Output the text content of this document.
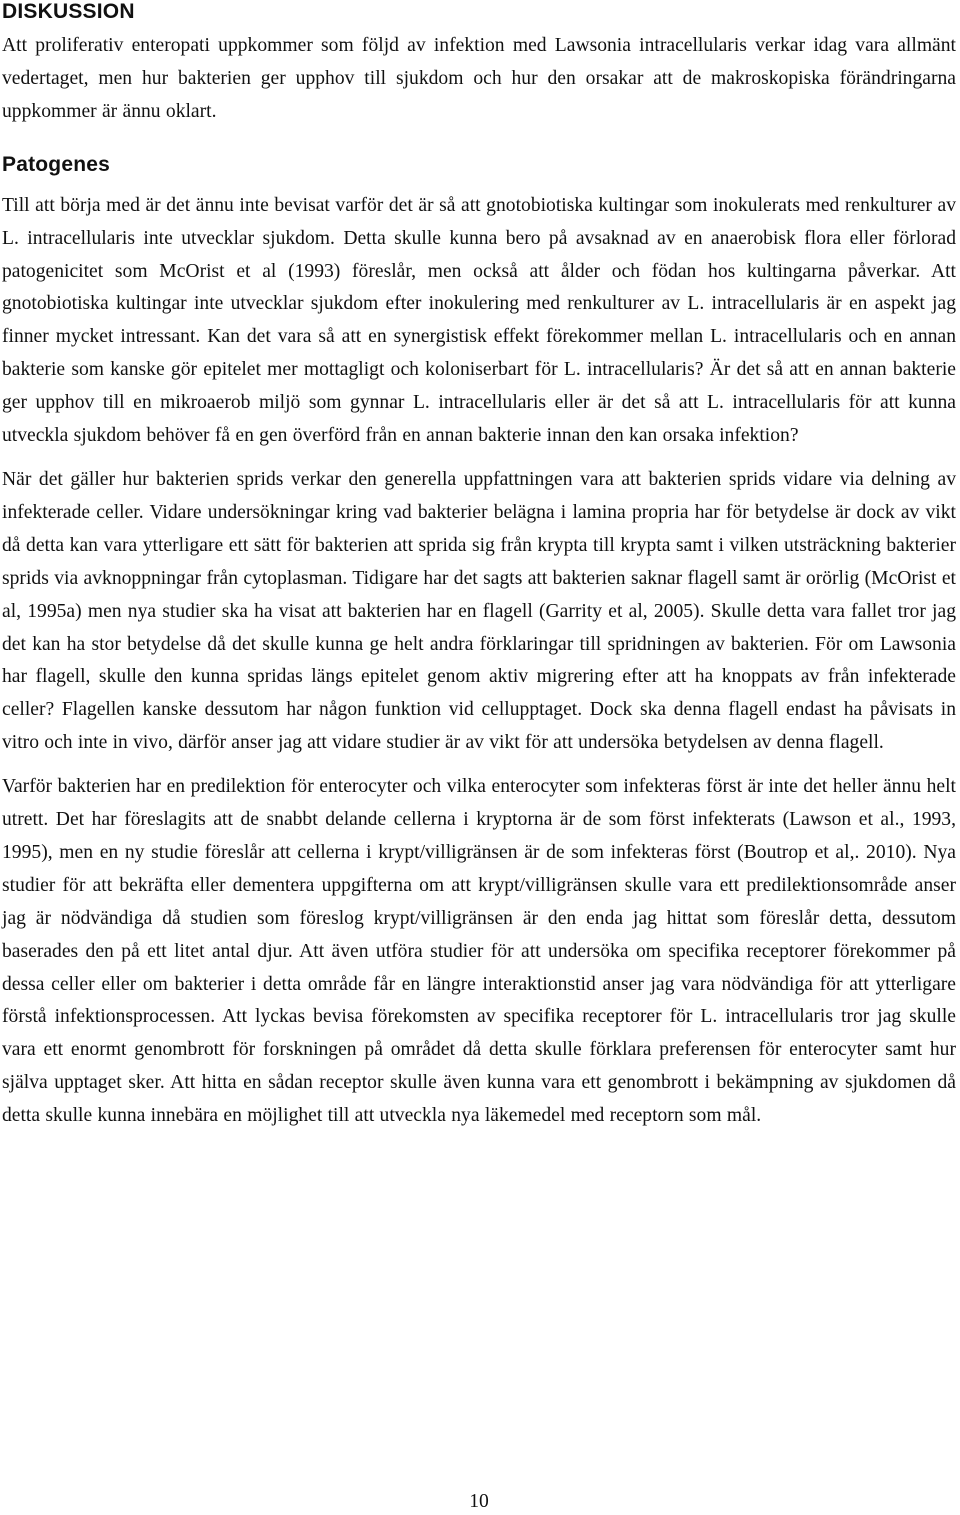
DISKUSSION

Att proliferativ enteropati uppkommer som följd av infektion med Lawsonia intracellularis verkar idag vara allmänt vedertaget, men hur bakterien ger upphov till sjukdom och hur den orsakar att de makroskopiska förändringarna uppkommer är ännu oklart.

Patogenes

Till att börja med är det ännu inte bevisat varför det är så att gnotobiotiska kultingar som inokulerats med renkulturer av L. intracellularis inte utvecklar sjukdom. Detta skulle kunna bero på avsaknad av en anaerobisk flora eller förlorad patogenicitet som McOrist et al (1993) föreslår, men också att ålder och födan hos kultingarna påverkar. Att gnotobiotiska kultingar inte utvecklar sjukdom efter inokulering med renkulturer av L. intracellularis är en aspekt jag finner mycket intressant. Kan det vara så att en synergistisk effekt förekommer mellan L. intracellularis och en annan bakterie som kanske gör epitelet mer mottagligt och koloniserbart för L. intracellularis? Är det så att en annan bakterie ger upphov till en mikroaerob miljö som gynnar L. intracellularis eller är det så att L. intracellularis för att kunna utveckla sjukdom behöver få en gen överförd från en annan bakterie innan den kan orsaka infektion?

När det gäller hur bakterien sprids verkar den generella uppfattningen vara att bakterien sprids vidare via delning av infekterade celler. Vidare undersökningar kring vad bakterier belägna i lamina propria har för betydelse är dock av vikt då detta kan vara ytterligare ett sätt för bakterien att sprida sig från krypta till krypta samt i vilken utsträckning bakterier sprids via avknoppningar från cytoplasman. Tidigare har det sagts att bakterien saknar flagell samt är orörlig (McOrist et al, 1995a) men nya studier ska ha visat att bakterien har en flagell (Garrity et al, 2005). Skulle detta vara fallet tror jag det kan ha stor betydelse då det skulle kunna ge helt andra förklaringar till spridningen av bakterien. För om Lawsonia har flagell, skulle den kunna spridas längs epitelet genom aktiv migrering efter att ha knoppats av från infekterade celler? Flagellen kanske dessutom har någon funktion vid cellupptaget. Dock ska denna flagell endast ha påvisats in vitro och inte in vivo, därför anser jag att vidare studier är av vikt för att undersöka betydelsen av denna flagell.

Varför bakterien har en predilektion för enterocyter och vilka enterocyter som infekteras först är inte det heller ännu helt utrett. Det har föreslagits att de snabbt delande cellerna i kryptorna är de som först infekterats (Lawson et al., 1993, 1995), men en ny studie föreslår att cellerna i krypt/villigränsen är de som infekteras först (Boutrop et al,. 2010). Nya studier för att bekräfta eller dementera uppgifterna om att krypt/villigränsen skulle vara ett predilektionsområde anser jag är nödvändiga då studien som föreslog krypt/villigränsen är den enda jag hittat som föreslår detta, dessutom baserades den på ett litet antal djur. Att även utföra studier för att undersöka om specifika receptorer förekommer på dessa celler eller om bakterier i detta område får en längre interaktionstid anser jag vara nödvändiga för att ytterligare förstå infektionsprocessen. Att lyckas bevisa förekomsten av specifika receptorer för L. intracellularis tror jag skulle vara ett enormt genombrott för forskningen på området då detta skulle förklara preferensen för enterocyter samt hur själva upptaget sker. Att hitta en sådan receptor skulle även kunna vara ett genombrott i bekämpning av sjukdomen då detta skulle kunna innebära en möjlighet till att utveckla nya läkemedel med receptorn som mål.

10
